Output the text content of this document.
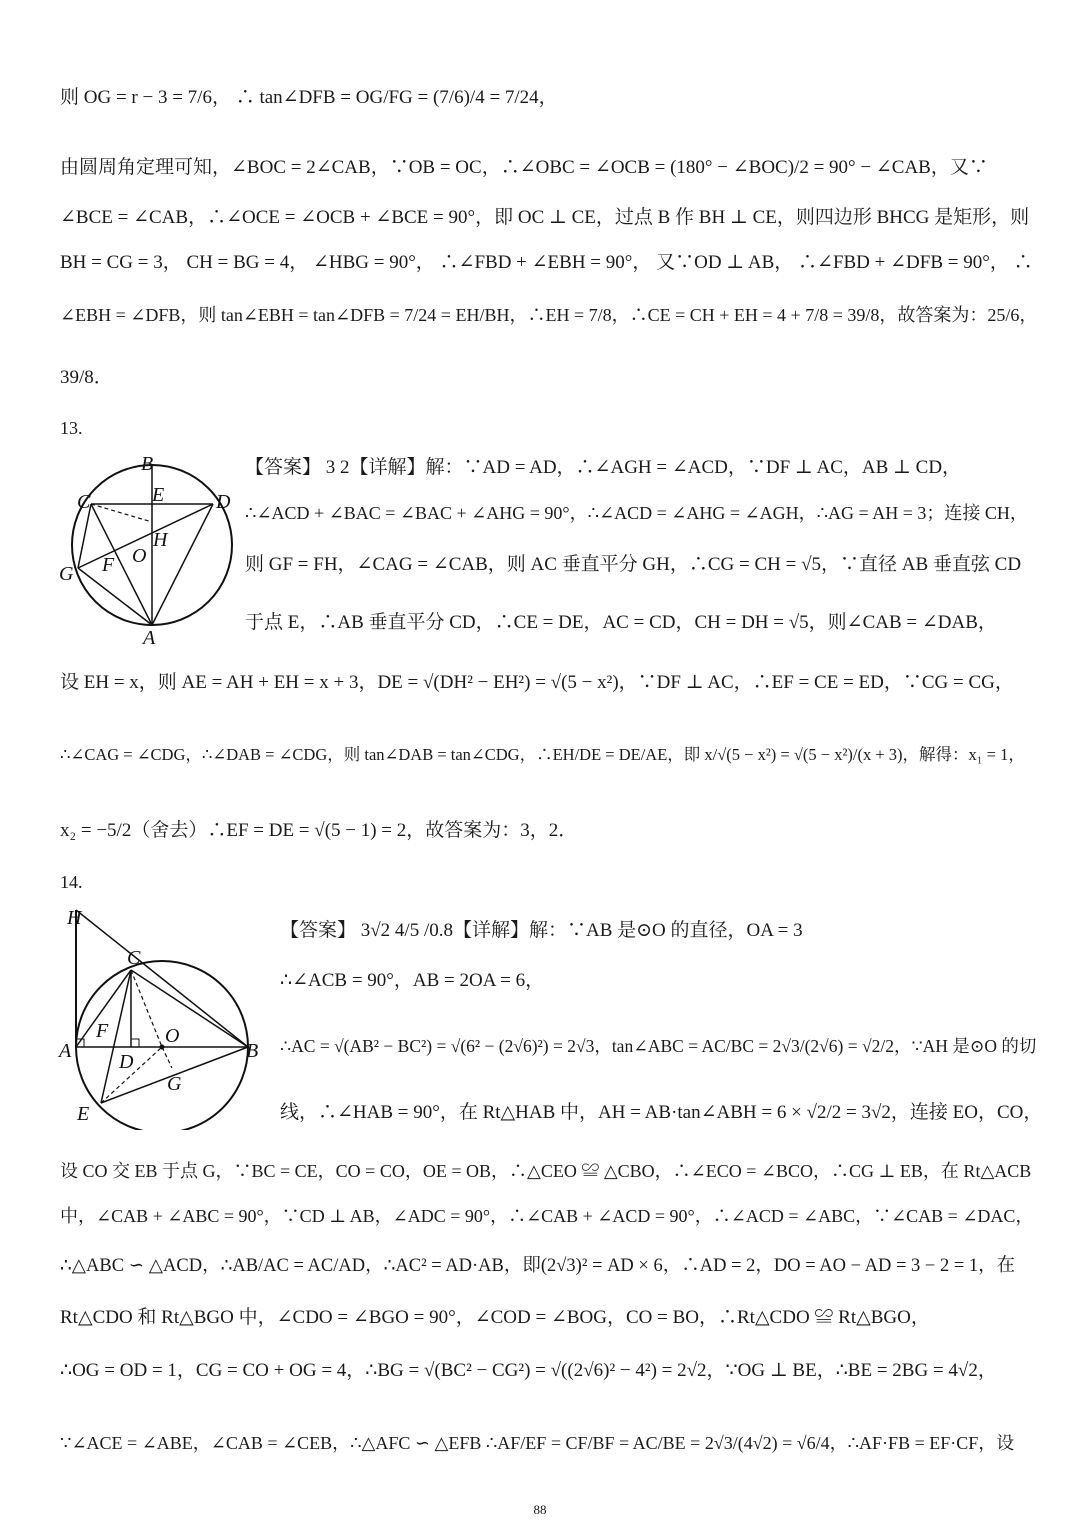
则 OG = r − 3 = 7/6， ∴ tan∠DFB = OG/FG = (7/6)/4 = 7/24，
由圆周角定理可知，∠BOC = 2∠CAB，∵OB = OC，∴∠OBC = ∠OCB = (180° − ∠BOC)/2 = 90° − ∠CAB，又∵
∠BCE = ∠CAB，∴∠OCE = ∠OCB + ∠BCE = 90°，即 OC ⊥ CE，过点 B 作 BH ⊥ CE，则四边形 BHCG 是矩形，则
BH = CG = 3， CH = BG = 4， ∠HBG = 90°， ∴∠FBD + ∠EBH = 90°， 又∵OD ⊥ AB， ∴∠FBD + ∠DFB = 90°， ∴
∠EBH = ∠DFB，则 tan∠EBH = tan∠DFB = 7/24 = EH/BH，∴EH = 7/8，∴CE = CH + EH = 4 + 7/8 = 39/8，故答案为：25/6，
39/8．
13.
B
C	E	D
H
O
F
G
A
【答案】 3 2【详解】解：∵AD = AD，∴∠AGH = ∠ACD，∵DF ⊥ AC，AB ⊥ CD，
∴∠ACD + ∠BAC = ∠BAC + ∠AHG = 90°，∴∠ACD = ∠AHG = ∠AGH，∴AG = AH = 3；连接 CH，
则 GF = FH，∠CAG = ∠CAB，则 AC 垂直平分 GH，∴CG = CH = √5，∵直径 AB 垂直弦 CD
于点 E，∴AB 垂直平分 CD，∴CE = DE，AC = CD，CH = DH = √5，则∠CAB = ∠DAB，
设 EH = x，则 AE = AH + EH = x + 3，DE = √(DH² − EH²) = √(5 − x²)，∵DF ⊥ AC，∴EF = CE = ED，∵CG = CG，
∴∠CAG = ∠CDG，∴∠DAB = ∠CDG，则 tan∠DAB = tan∠CDG，∴EH/DE = DE/AE，即 x/√(5 − x²) = √(5 − x²)/(x + 3)，解得：x₁ = 1，
x₂ = −5/2（舍去）∴EF = DE = √(5 − 1) = 2，故答案为：3，2．
14.
H
C
A
F	O
B
D
G
E
【答案】 3√2 4/5 /0.8【详解】解：∵AB 是⊙O 的直径，OA = 3
∴∠ACB = 90°，AB = 2OA = 6，
∴AC = √(AB² − BC²) = √(6² − (2√6)²) = 2√3，tan∠ABC = AC/BC = 2√3/(2√6) = √2/2，∵AH 是⊙O 的切
线，∴∠HAB = 90°，在 Rt△HAB 中，AH = AB·tan∠ABH = 6 × √2/2 = 3√2，连接 EO，CO，
设 CO 交 EB 于点 G，∵BC = CE，CO = CO，OE = OB，∴△CEO ≌ △CBO，∴∠ECO = ∠BCO，∴CG ⊥ EB，在 Rt△ACB
中，∠CAB + ∠ABC = 90°，∵CD ⊥ AB，∠ADC = 90°，∴∠CAB + ∠ACD = 90°，∴∠ACD = ∠ABC，∵∠CAB = ∠DAC，
∴△ABC ∽ △ACD，∴AB/AC = AC/AD，∴AC² = AD·AB，即(2√3)² = AD × 6，∴AD = 2，DO = AO − AD = 3 − 2 = 1，在
Rt△CDO 和 Rt△BGO 中，∠CDO = ∠BGO = 90°，∠COD = ∠BOG，CO = BO，∴Rt△CDO ≌ Rt△BGO，
∴OG = OD = 1，CG = CO + OG = 4，∴BG = √(BC² − CG²) = √((2√6)² − 4²) = 2√2，∵OG ⊥ BE，∴BE = 2BG = 4√2，
∵∠ACE = ∠ABE，∠CAB = ∠CEB，∴△AFC ∽ △EFB ∴AF/EF = CF/BF = AC/BE = 2√3/(4√2) = √6/4，∴AF·FB = EF·CF，设
88
